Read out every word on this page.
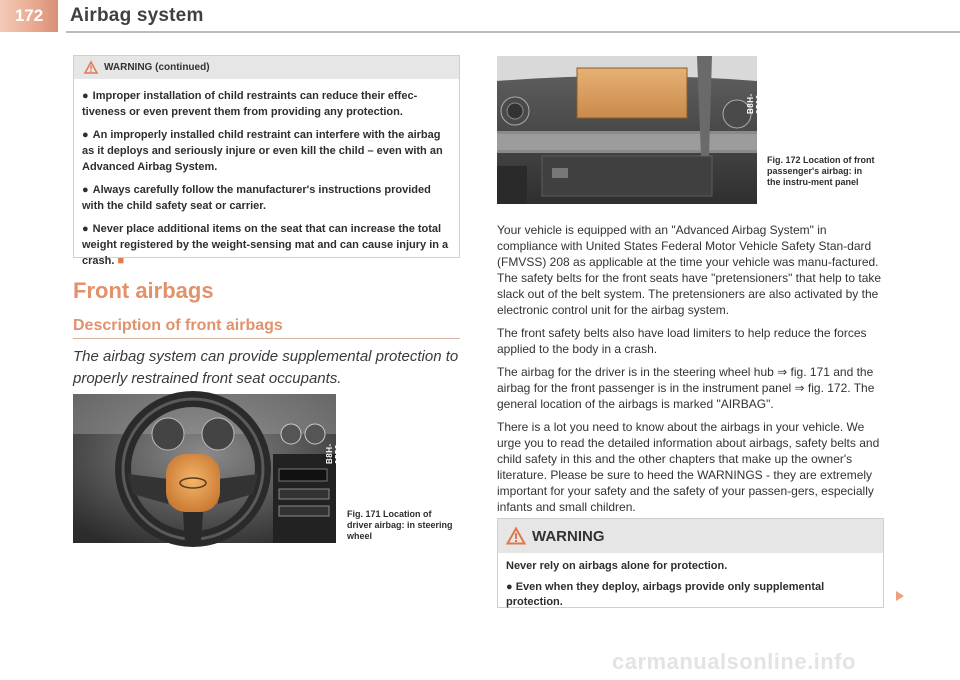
172	Airbag system
WARNING (continued)
● Improper installation of child restraints can reduce their effec-tiveness or even prevent them from providing any protection.
● An improperly installed child restraint can interfere with the airbag as it deploys and seriously injure or even kill the child – even with an Advanced Airbag System.
● Always carefully follow the manufacturer's instructions provided with the child safety seat or carrier.
● Never place additional items on the seat that can increase the total weight registered by the weight-sensing mat and can cause injury in a crash. ■
Front airbags
Description of front airbags
The airbag system can provide supplemental protection to properly restrained front seat occupants.
B8H-0558
Fig. 171 Location of driver airbag: in steering wheel
B8H-0510
Fig. 172 Location of front passenger's airbag: in the instru-ment panel

Your vehicle is equipped with an "Advanced Airbag System" in compliance with United States Federal Motor Vehicle Safety Stan-dard (FMVSS) 208 as applicable at the time your vehicle was manu-factured. The safety belts for the front seats have "pretensioners" that help to take slack out of the belt system. The pretensioners are also activated by the electronic control unit for the airbag system.

The front safety belts also have load limiters to help reduce the forces applied to the body in a crash.

The airbag for the driver is in the steering wheel hub ⇒ fig. 171 and the airbag for the front passenger is in the instrument panel ⇒ fig. 172. The general location of the airbags is marked "AIRBAG".

There is a lot you need to know about the airbags in your vehicle. We urge you to read the detailed information about airbags, safety belts and child safety in this and the other chapters that make up the owner's literature. Please be sure to heed the WARNINGS - they are extremely important for your safety and the safety of your passen-gers, especially infants and small children.

WARNING

Never rely on airbags alone for protection.

● Even when they deploy, airbags provide only supplemental protection.

carmanualsonline.info
